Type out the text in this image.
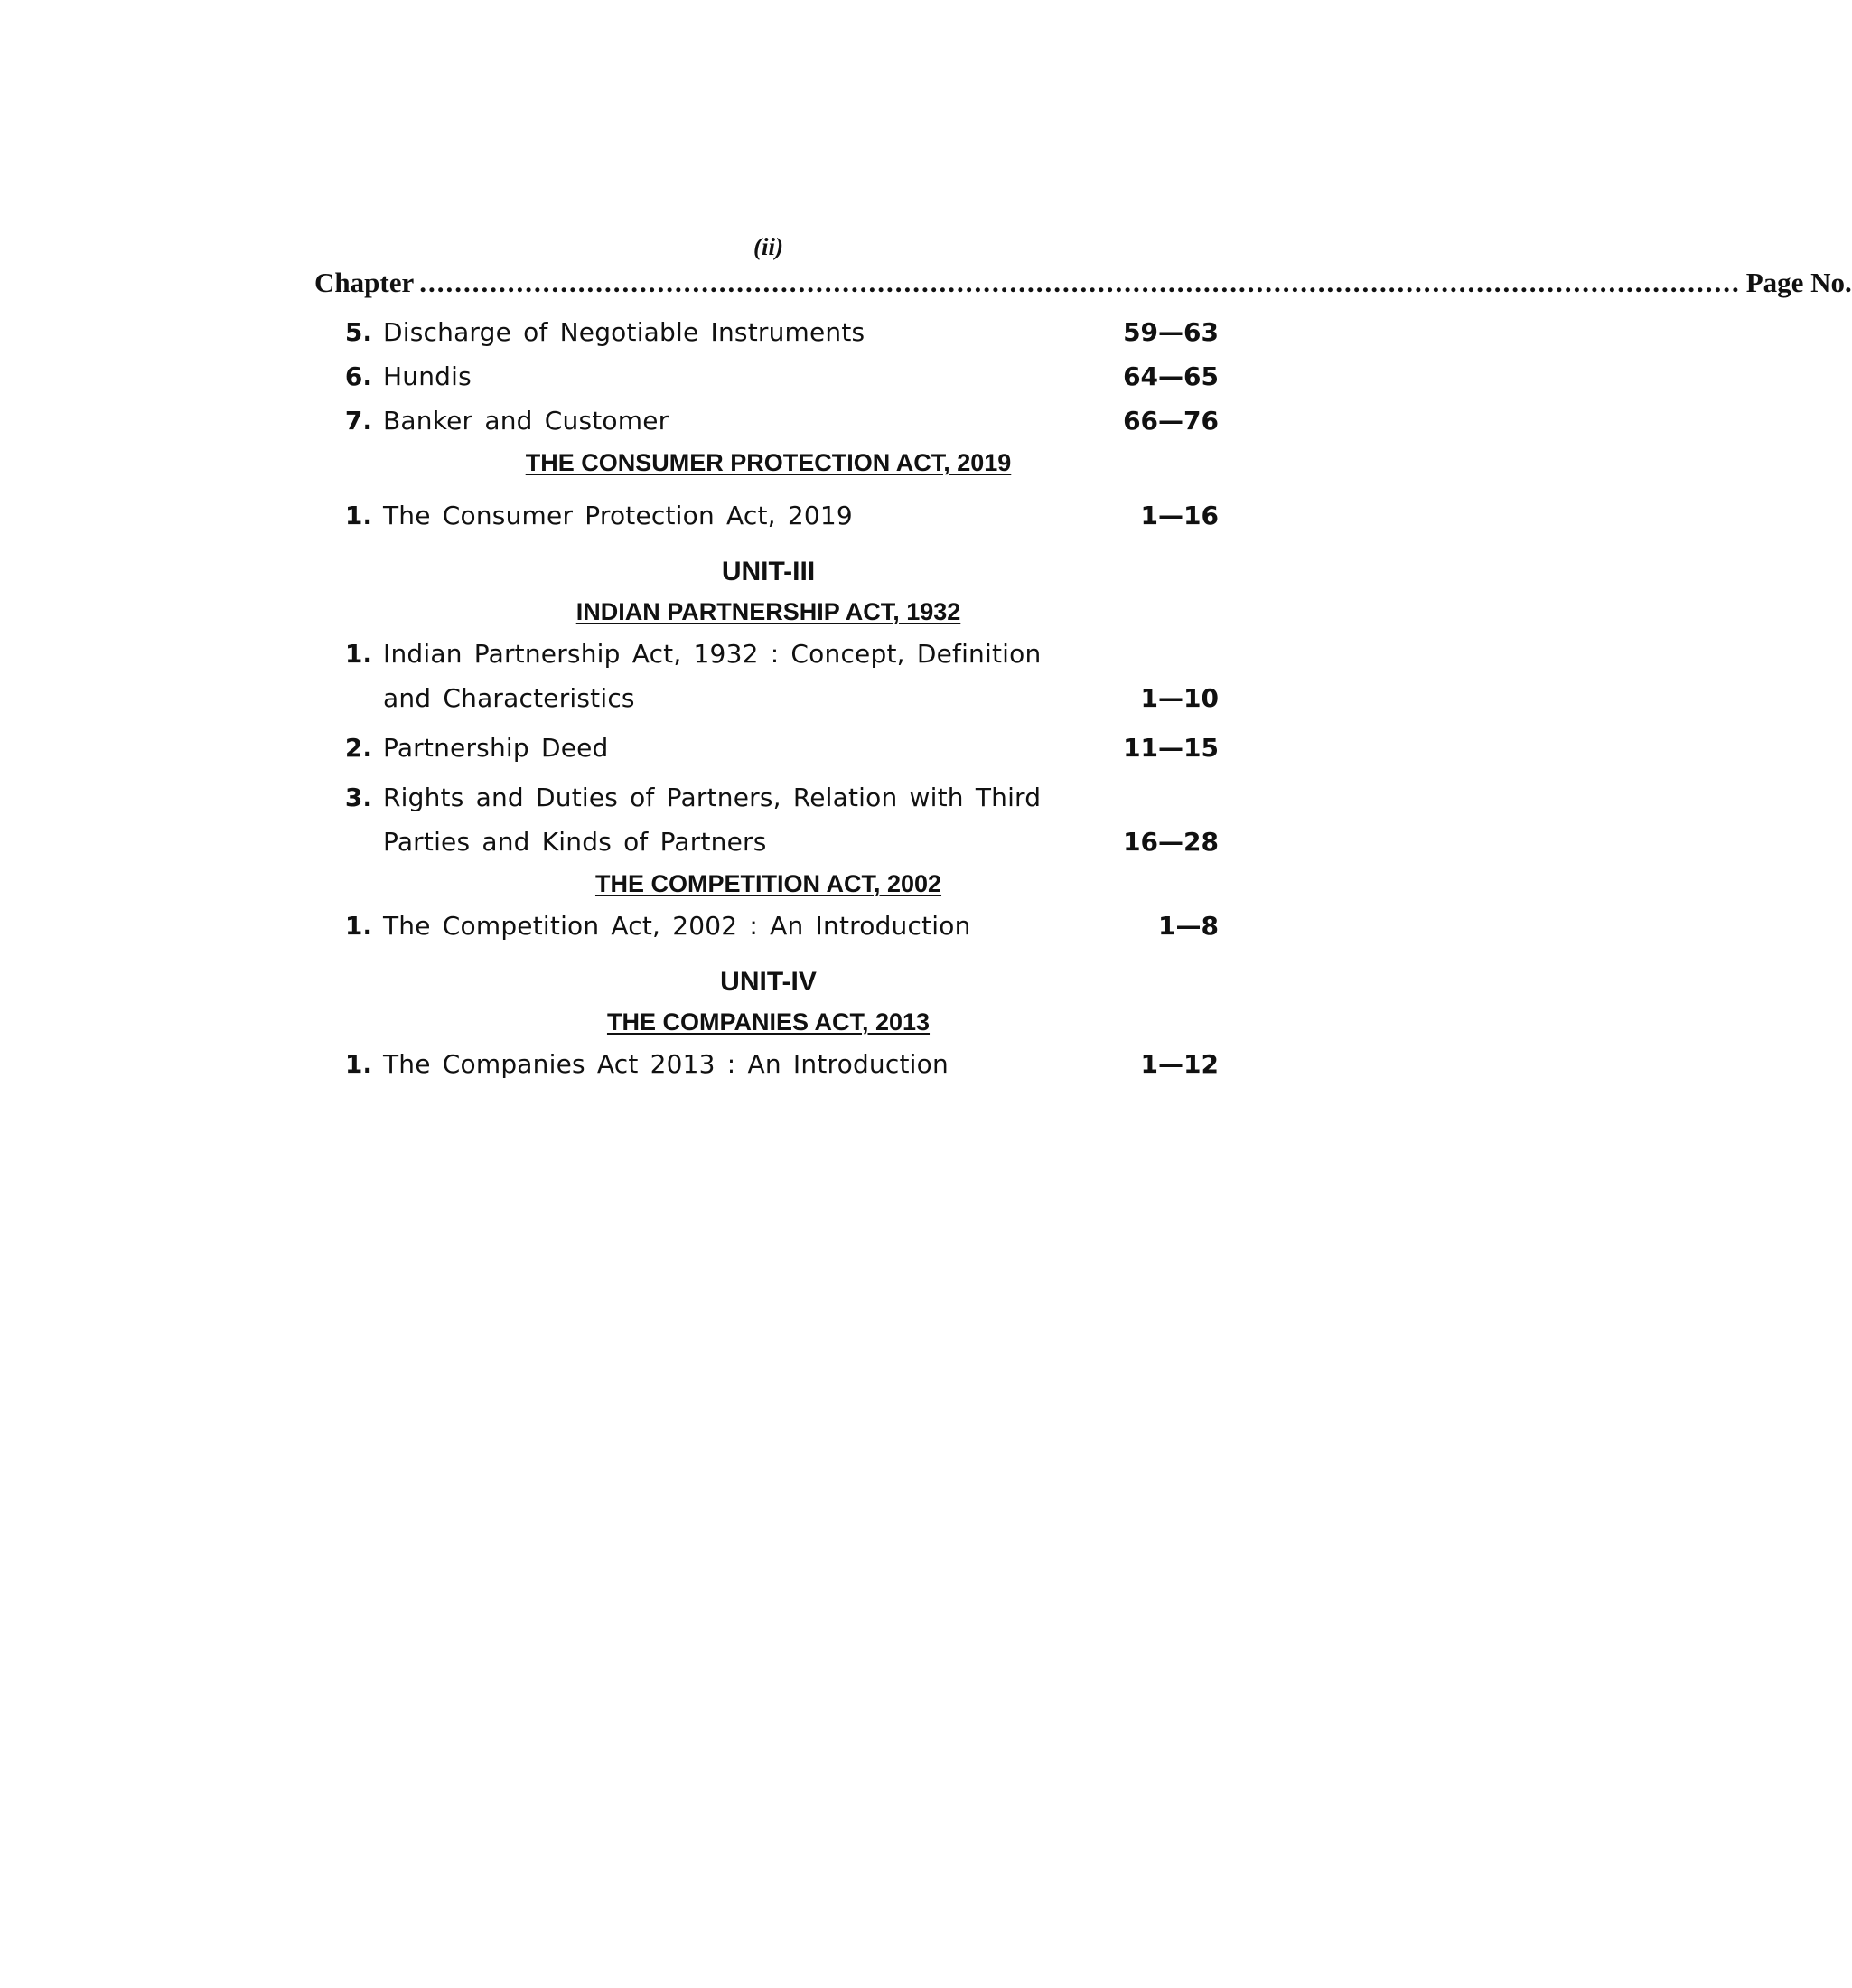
(ii)
Chapter ...................................................................................................................................................... Page No.
5. Discharge of Negotiable Instruments	59—63
6. Hundis	64—65
7. Banker and Customer	66—76
THE CONSUMER PROTECTION ACT, 2019
1. The Consumer Protection Act, 2019	1—16
UNIT-III
INDIAN PARTNERSHIP ACT, 1932
1. Indian Partnership Act, 1932 : Concept, Definition
and Characteristics	1—10
2. Partnership Deed	11—15
3. Rights and Duties of Partners, Relation with Third
Parties and Kinds of Partners	16—28
THE COMPETITION ACT, 2002
1. The Competition Act, 2002 : An Introduction	1—8
UNIT-IV
THE COMPANIES ACT, 2013
1. The Companies Act 2013 : An Introduction	1—12
